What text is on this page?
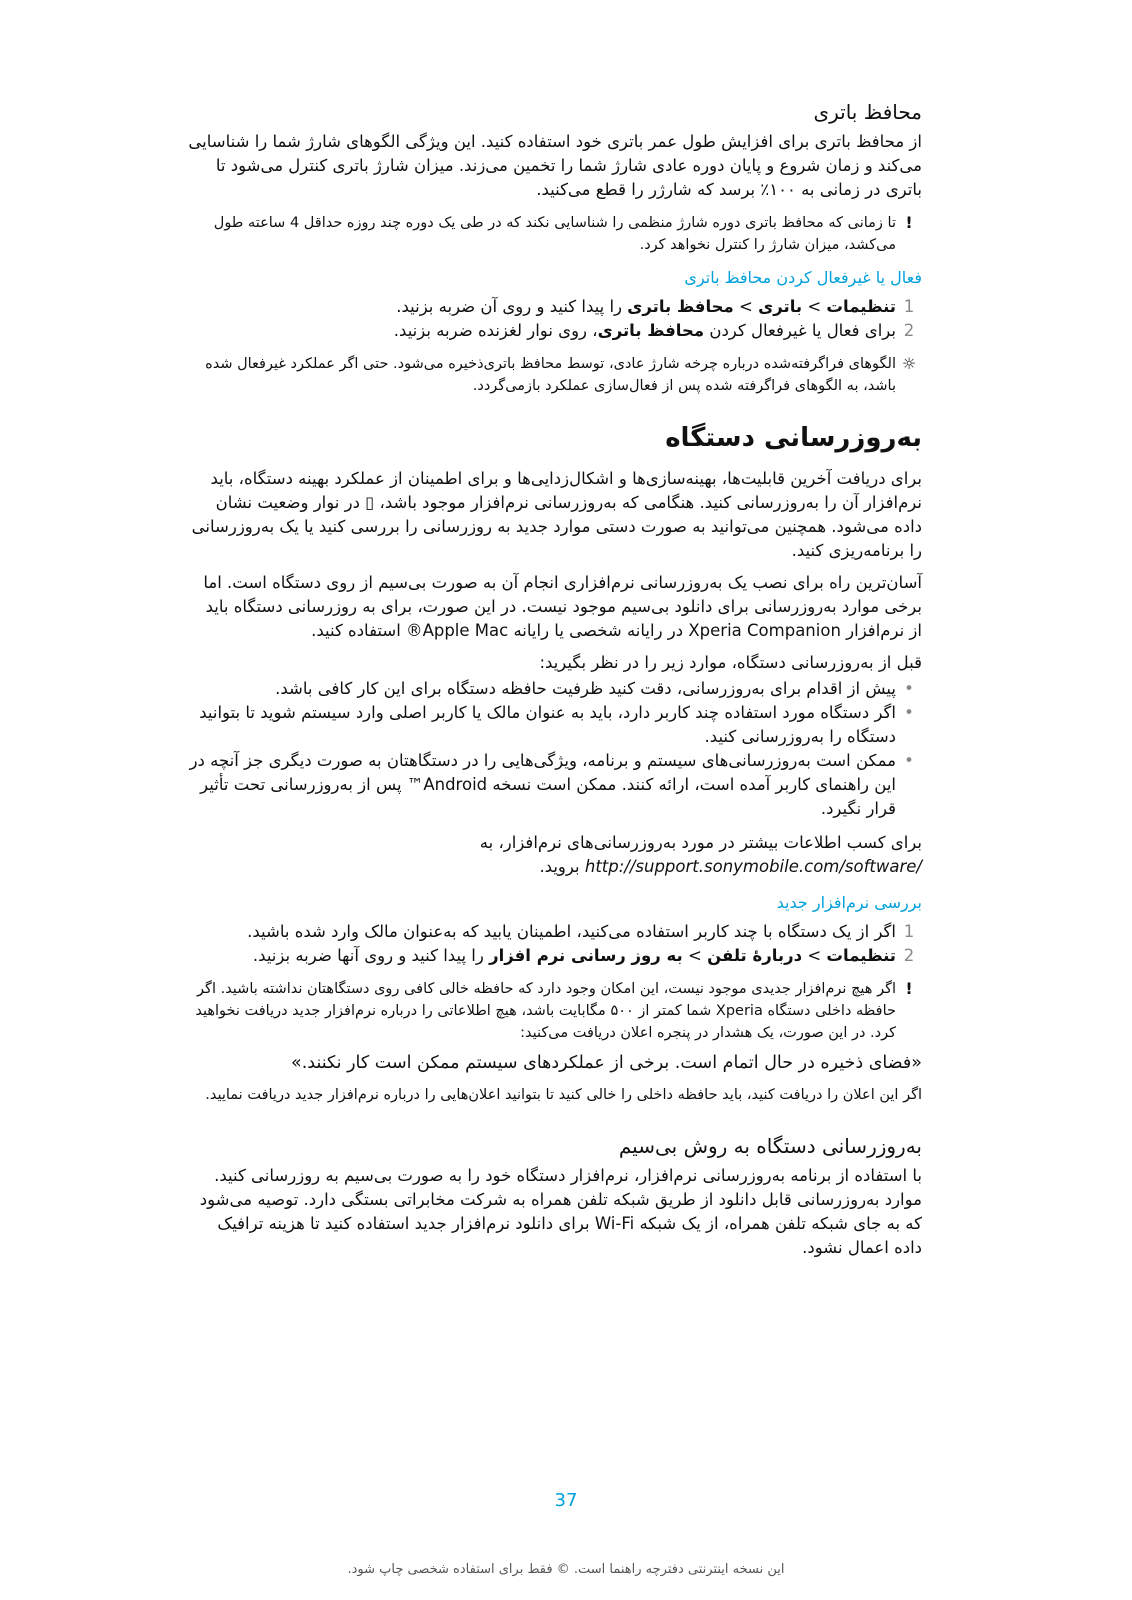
محافظ باتری

از محافظ باتری برای افزایش طول عمر باتری خود استفاده کنید. این ویژگی الگوهای شارژ شما را شناسایی می‌کند و زمان شروع و پایان دوره عادی شارژ شما را تخمین می‌زند. میزان شارژ باتری کنترل می‌شود تا باتری در زمانی به ۱۰۰٪ برسد که شارژر را قطع می‌کنید.

!
تا زمانی که محافظ باتری دوره شارژ منظمی را شناسایی نکند که در طی یک دوره چند روزه حداقل 4 ساعته طول می‌کشد، میزان شارژ را کنترل نخواهد کرد.
فعال یا غیرفعال کردن محافظ باتری
1
تنظیمات > باتری > محافظ باتری را پیدا کنید و روی آن ضربه بزنید.
2
برای فعال یا غیرفعال کردن محافظ باتری، روی نوار لغزنده ضربه بزنید.
☼
الگوهای فراگرفته‌شده درباره چرخه شارژ عادی، توسط محافظ باتری‌ذخیره می‌شود. حتی اگر عملکرد غیرفعال شده باشد، به الگوهای فراگرفته شده پس از فعال‌سازی عملکرد بازمی‌گردد.
به‌روزرسانی دستگاه

برای دریافت آخرین قابلیت‌ها، بهینه‌سازی‌ها و اشکال‌زدایی‌ها و برای اطمینان از عملکرد بهینه دستگاه، باید نرم‌افزار آن را به‌روزرسانی کنید. هنگامی که به‌روزرسانی نرم‌افزار موجود باشد، ▯ در نوار وضعیت نشان داده می‌شود. همچنین می‌توانید به صورت دستی موارد جدید به روزرسانی را بررسی کنید یا یک به‌روزرسانی را برنامه‌ریزی کنید.

آسان‌ترین راه برای نصب یک به‌روزرسانی نرم‌افزاری انجام آن به صورت بی‌سیم از روی دستگاه است. اما برخی موارد به‌روزرسانی برای دانلود بی‌سیم موجود نیست. در این صورت، برای به روزرسانی دستگاه باید از نرم‌افزار Xperia Companion در رایانه شخصی یا رایانه Apple Mac® استفاده کنید.

قبل از به‌روزرسانی دستگاه، موارد زیر را در نظر بگیرید:

•
پیش از اقدام برای به‌روزرسانی، دقت کنید ظرفیت حافظه دستگاه برای این کار کافی باشد.
•
اگر دستگاه مورد استفاده چند کاربر دارد، باید به عنوان مالک یا کاربر اصلی وارد سیستم شوید تا بتوانید دستگاه را به‌روزرسانی کنید.
•
ممکن است به‌روزرسانی‌های سیستم و برنامه، ویژگی‌هایی را در دستگاهتان به صورت دیگری جز آنچه در این راهنمای کاربر آمده است، ارائه کنند. ممکن است نسخه Android™ پس از به‌روزرسانی تحت تأثیر قرار نگیرد.

برای کسب اطلاعات بیشتر در مورد به‌روزرسانی‌های نرم‌افزار، به http://support.sonymobile.com/software/ بروید.

بررسی نرم‌افزار جدید
1
اگر از یک دستگاه با چند کاربر استفاده می‌کنید، اطمینان یابید که به‌عنوان مالک وارد شده باشید.
2
تنظیمات > دربارهٔ تلفن > به روز رسانی نرم افزار را پیدا کنید و روی آنها ضربه بزنید.
!
اگر هیچ نرم‌افزار جدیدی موجود نیست، این امکان وجود دارد که حافظه خالی کافی روی دستگاهتان نداشته باشید. اگر حافظه داخلی دستگاه Xperia شما کمتر از ۵۰۰ مگابایت باشد، هیچ اطلاعاتی را درباره نرم‌افزار جدید دریافت نخواهید کرد. در این صورت، یک هشدار در پنجره اعلان دریافت می‌کنید:

«فضای ذخیره در حال اتمام است. برخی از عملکردهای سیستم ممکن است کار نکنند.»

اگر این اعلان را دریافت کنید، باید حافظه داخلی را خالی کنید تا بتوانید اعلان‌هایی را درباره نرم‌افزار جدید دریافت نمایید.

به‌روزرسانی دستگاه به روش بی‌سیم

با استفاده از برنامه به‌روزرسانی نرم‌افزار، نرم‌افزار دستگاه خود را به صورت بی‌سیم به روزرسانی کنید. موارد به‌روزرسانی قابل دانلود از طریق شبکه تلفن همراه به شرکت مخابراتی بستگی دارد. توصیه می‌شود که به جای شبکه تلفن همراه، از یک شبکه Wi-Fi برای دانلود نرم‌افزار جدید استفاده کنید تا هزینه ترافیک داده اعمال نشود.

37
این نسخه اینترنتی دفترچه راهنما است. © فقط برای استفاده شخصی چاپ شود.
